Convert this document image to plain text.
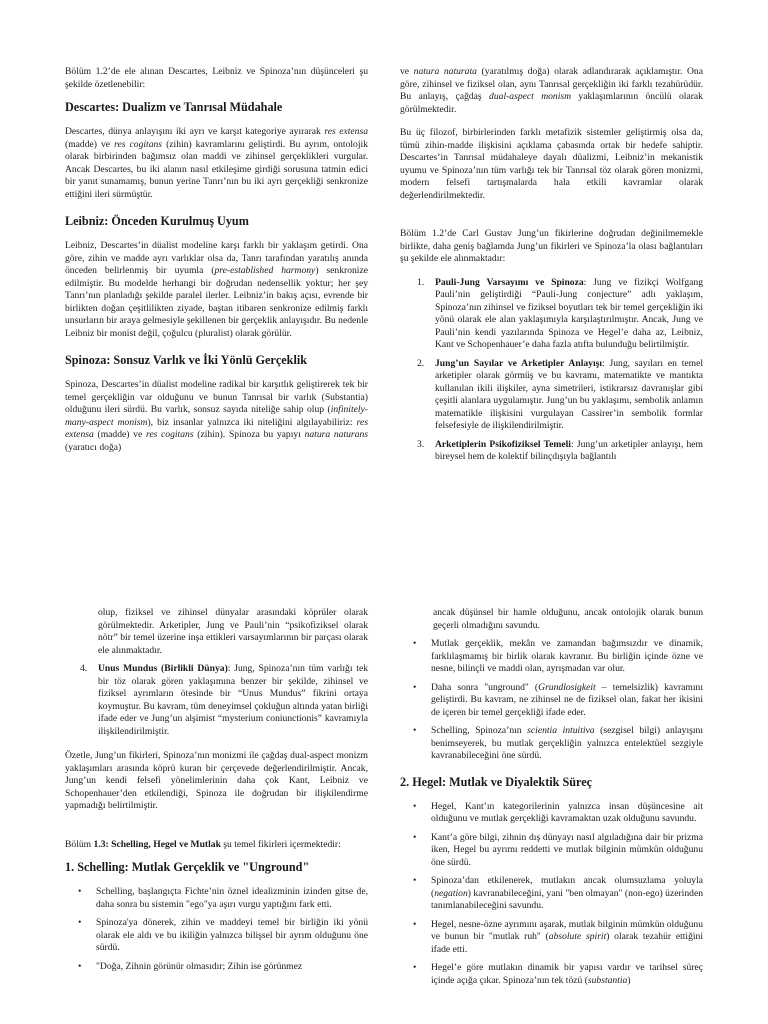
Bölüm 1.2’de ele alınan Descartes, Leibniz ve Spinoza’nın düşünceleri şu şekilde özetlenebilir:

Descartes: Dualizm ve Tanrısal Müdahale

Descartes, dünya anlayışını iki ayrı ve karşıt kategoriye ayırarak res extensa (madde) ve res cogitans (zihin) kavramlarını geliştirdi. Bu ayrım, ontolojik olarak birbirinden bağımsız olan maddi ve zihinsel gerçeklikleri vurgular. Ancak Descartes, bu iki alanın nasıl etkileşime girdiği sorusuna tatmin edici bir yanıt sunamamış, bunun yerine Tanrı’nın bu iki ayrı gerçekliği senkronize ettiğini ileri sürmüştür.

Leibniz: Önceden Kurulmuş Uyum

Leibniz, Descartes’in düalist modeline karşı farklı bir yaklaşım getirdi. Ona göre, zihin ve madde ayrı varlıklar olsa da, Tanrı tarafından yaratılış anında önceden belirlenmiş bir uyumla (pre-established harmony) senkronize edilmiştir. Bu modelde herhangi bir doğrudan nedensellik yoktur; her şey Tanrı’nın planladığı şekilde paralel ilerler. Leibniz’in bakış açısı, evrende bir birlikten doğan çeşitlilikten ziyade, baştan itibaren senkronize edilmiş farklı unsurların bir araya gelmesiyle şekillenen bir gerçeklik anlayışıdır. Bu nedenle Leibniz bir monist değil, çoğulcu (pluralist) olarak görülür.

Spinoza: Sonsuz Varlık ve İki Yönlü Gerçeklik

Spinoza, Descartes’in düalist modeline radikal bir karşıtlık geliştirerek tek bir temel gerçekliğin var olduğunu ve bunun Tanrısal bir varlık (Substantia) olduğunu ileri sürdü. Bu varlık, sonsuz sayıda niteliğe sahip olup (infinitely-many-aspect monism), biz insanlar yalnızca iki niteliğini algılayabiliriz: res extensa (madde) ve res cogitans (zihin). Spinoza bu yapıyı natura naturans (yaratıcı doğa)

ve natura naturata (yaratılmış doğa) olarak adlandırarak açıklamıştır. Ona göre, zihinsel ve fiziksel olan, aynı Tanrısal gerçekliğin iki farklı tezahürüdür. Bu anlayış, çağdaş dual-aspect monism yaklaşımlarının öncülü olarak görülmektedir.

Bu üç filozof, birbirlerinden farklı metafizik sistemler geliştirmiş olsa da, tümü zihin-madde ilişkisini açıklama çabasında ortak bir hedefe sahiptir. Descartes’in Tanrısal müdahaleye dayalı düalizmi, Leibniz’in mekanistik uyumu ve Spinoza’nın tüm varlığı tek bir Tanrısal töz olarak gören monizmi, modern felsefi tartışmalarda hala etkili kavramlar olarak değerlendirilmektedir.

Bölüm 1.2’de Carl Gustav Jung’un fikirlerine doğrudan değinilmemekle birlikte, daha geniş bağlamda Jung’un fikirleri ve Spinoza’la olası bağlantıları şu şekilde ele alınmaktadır:

1. Pauli-Jung Varsayımı ve Spinoza: Jung ve fizikçi Wolfgang Pauli’nin geliştirdiği “Pauli-Jung conjecture” adlı yaklaşım, Spinoza’nın zihinsel ve fiziksel boyutları tek bir temel gerçekliğin iki yönü olarak ele alan yaklaşımıyla karşılaştırılmıştır. Ancak, Jung ve Pauli’nin kendi yazılarında Spinoza ve Hegel’e daha az, Leibniz, Kant ve Schopenhauer’e daha fazla atıfta bulunduğu belirtilmiştir.
2. Jung’un Sayılar ve Arketipler Anlayışı: Jung, sayıları en temel arketipler olarak görmüş ve bu kavramı, matematikte ve mantıkta kullanılan ikili ilişkiler, ayna simetrileri, istikrarsız davranışlar gibi çeşitli alanlara uygulamıştır. Jung’un bu yaklaşımı, sembolik anlamın matematikle ilişkisini vurgulayan Cassirer’in sembolik formlar felsefesiyle de ilişkilendirilmiştir.
3. Arketiplerin Psikofiziksel Temeli: Jung’un arketipler anlayışı, hem bireysel hem de kolektif bilinçdışıyla bağlantılı

olup, fiziksel ve zihinsel dünyalar arasındaki köprüler olarak görülmektedir. Arketipler, Jung ve Pauli’nin “psikofiziksel olarak nötr” bir temel üzerine inşa ettikleri varsayımlarının bir parçası olarak ele alınmaktadır.

4. Unus Mundus (Birlikli Dünya): Jung, Spinoza’nın tüm varlığı tek bir töz olarak gören yaklaşımına benzer bir şekilde, zihinsel ve fiziksel ayrımların ötesinde bir “Unus Mundus” fikrini ortaya koymuştur. Bu kavram, tüm deneyimsel çokluğun altında yatan birliği ifade eder ve Jung’un alşimist “mysterium coniunctionis” kavramıyla ilişkilendirilmiştir.

Özetle, Jung’un fikirleri, Spinoza’nın monizmi ile çağdaş dual-aspect monizm yaklaşımları arasında köprü kuran bir çerçevede değerlendirilmiştir. Ancak, Jung’un kendi felsefi yönelimlerinin daha çok Kant, Leibniz ve Schopenhauer’den etkilendiği, Spinoza ile doğrudan bir ilişkilendirme yapmadığı belirtilmiştir.

Bölüm 1.3: Schelling, Hegel ve Mutlak şu temel fikirleri içermektedir:

1. Schelling: Mutlak Gerçeklik ve "Unground"
• Schelling, başlangıçta Fichte’nin öznel idealizminin izinden gitse de, daha sonra bu sistemin "ego"ya aşırı vurgu yaptığını fark etti.
• Spinoza'ya dönerek, zihin ve maddeyi temel bir birliğin iki yönü olarak ele aldı ve bu ikiliğin yalnızca bilişsel bir ayrım olduğunu öne sürdü.
• "Doğa, Zihnin görünür olmasıdır; Zihin ise görünmez

ancak düşünsel bir hamle olduğunu, ancak ontolojik olarak bunun geçerli olmadığını savundu.

• Mutlak gerçeklik, mekân ve zamandan bağımsızdır ve dinamik, farklılaşmamış bir birlik olarak kavranır. Bu birliğin içinde özne ve nesne, bilinçli ve maddi olan, ayrışmadan var olur.
• Daha sonra "unground" (Grundlosigkeit – temelsizlik) kavramını geliştirdi. Bu kavram, ne zihinsel ne de fiziksel olan, fakat her ikisini de içeren bir temel gerçekliği ifade eder.
• Schelling, Spinoza’nın scientia intuitiva (sezgisel bilgi) anlayışını benimseyerek, bu mutlak gerçekliğin yalnızca entelektüel sezgiyle kavranabileceğini öne sürdü.
2. Hegel: Mutlak ve Diyalektik Süreç
• Hegel, Kant’ın kategorilerinin yalnızca insan düşüncesine ait olduğunu ve mutlak gerçekliği kavramaktan uzak olduğunu savundu.
• Kant’a göre bilgi, zihnin dış dünyayı nasıl algıladığına dair bir prizma iken, Hegel bu ayrımı reddetti ve mutlak bilginin mümkün olduğunu öne sürdü.
• Spinoza’dan etkilenerek, mutlakın ancak olumsuzlama yoluyla (negation) kavranabileceğini, yani "ben olmayan" (non-ego) üzerinden tanımlanabileceğini savundu.
• Hegel, nesne-özne ayrımını aşarak, mutlak bilginin mümkün olduğunu ve bunun bir "mutlak ruh" (absolute spirit) olarak tezahür ettiğini ifade etti.
• Hegel’e göre mutlakın dinamik bir yapısı vardır ve tarihsel süreç içinde açığa çıkar. Spinoza’nın tek tözü (substantia)
